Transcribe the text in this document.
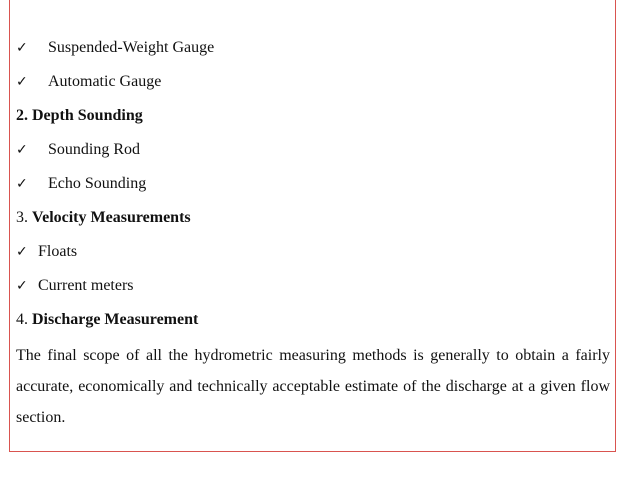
✓ Suspended-Weight Gauge
✓ Automatic Gauge
2. Depth Sounding
✓ Sounding Rod
✓ Echo Sounding
3. Velocity Measurements
✓ Floats
✓ Current meters
4. Discharge Measurement
The final scope of all the hydrometric measuring methods is generally to obtain a fairly accurate, economically and technically acceptable estimate of the discharge at a given flow section.
